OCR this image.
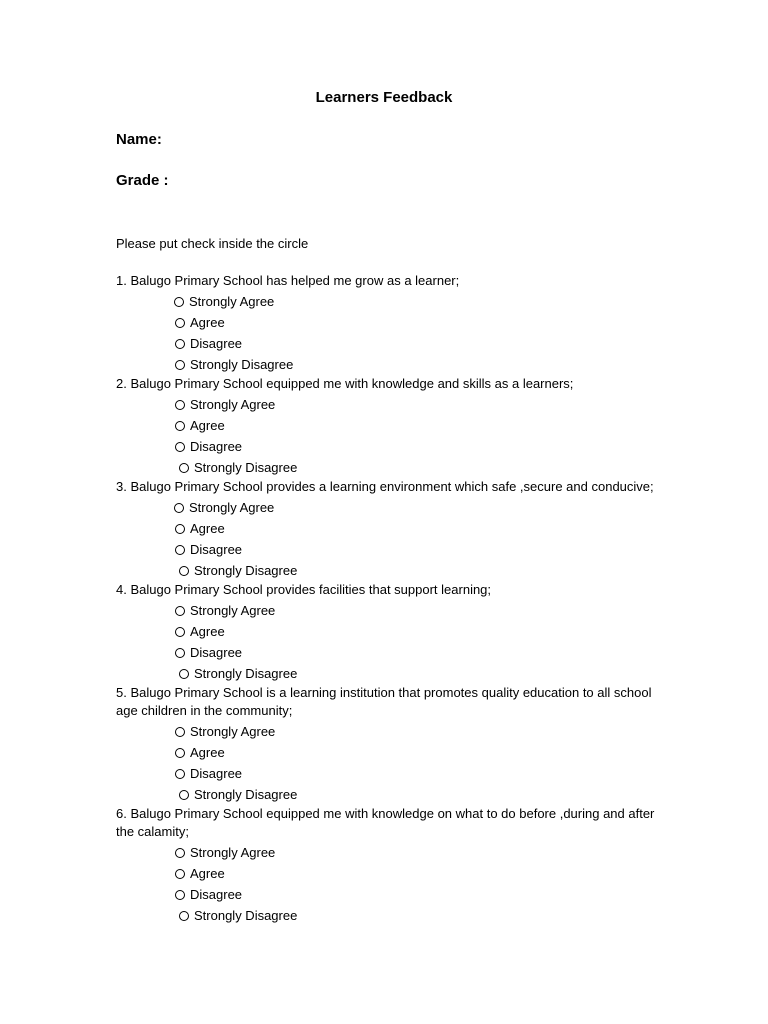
Learners Feedback
Name:
Grade :
Please put check inside the circle

1. Balugo Primary School has helped me grow as a learner;

Strongly Agree
Agree
Disagree
Strongly Disagree

2. Balugo Primary School equipped me with knowledge and skills as a learners;

Strongly Agree
Agree
Disagree
Strongly Disagree

3. Balugo Primary School provides a learning environment which safe ,secure and conducive;

Strongly Agree
Agree
Disagree
Strongly Disagree

4. Balugo Primary School provides facilities that support learning;

Strongly Agree
Agree
Disagree
Strongly Disagree

5. Balugo Primary School is a learning institution that promotes quality education to all school age children in the community;

Strongly Agree
Agree
Disagree
Strongly Disagree

6. Balugo Primary School equipped me with knowledge on what to do before ,during and after the calamity;

Strongly Agree
Agree
Disagree
Strongly Disagree
